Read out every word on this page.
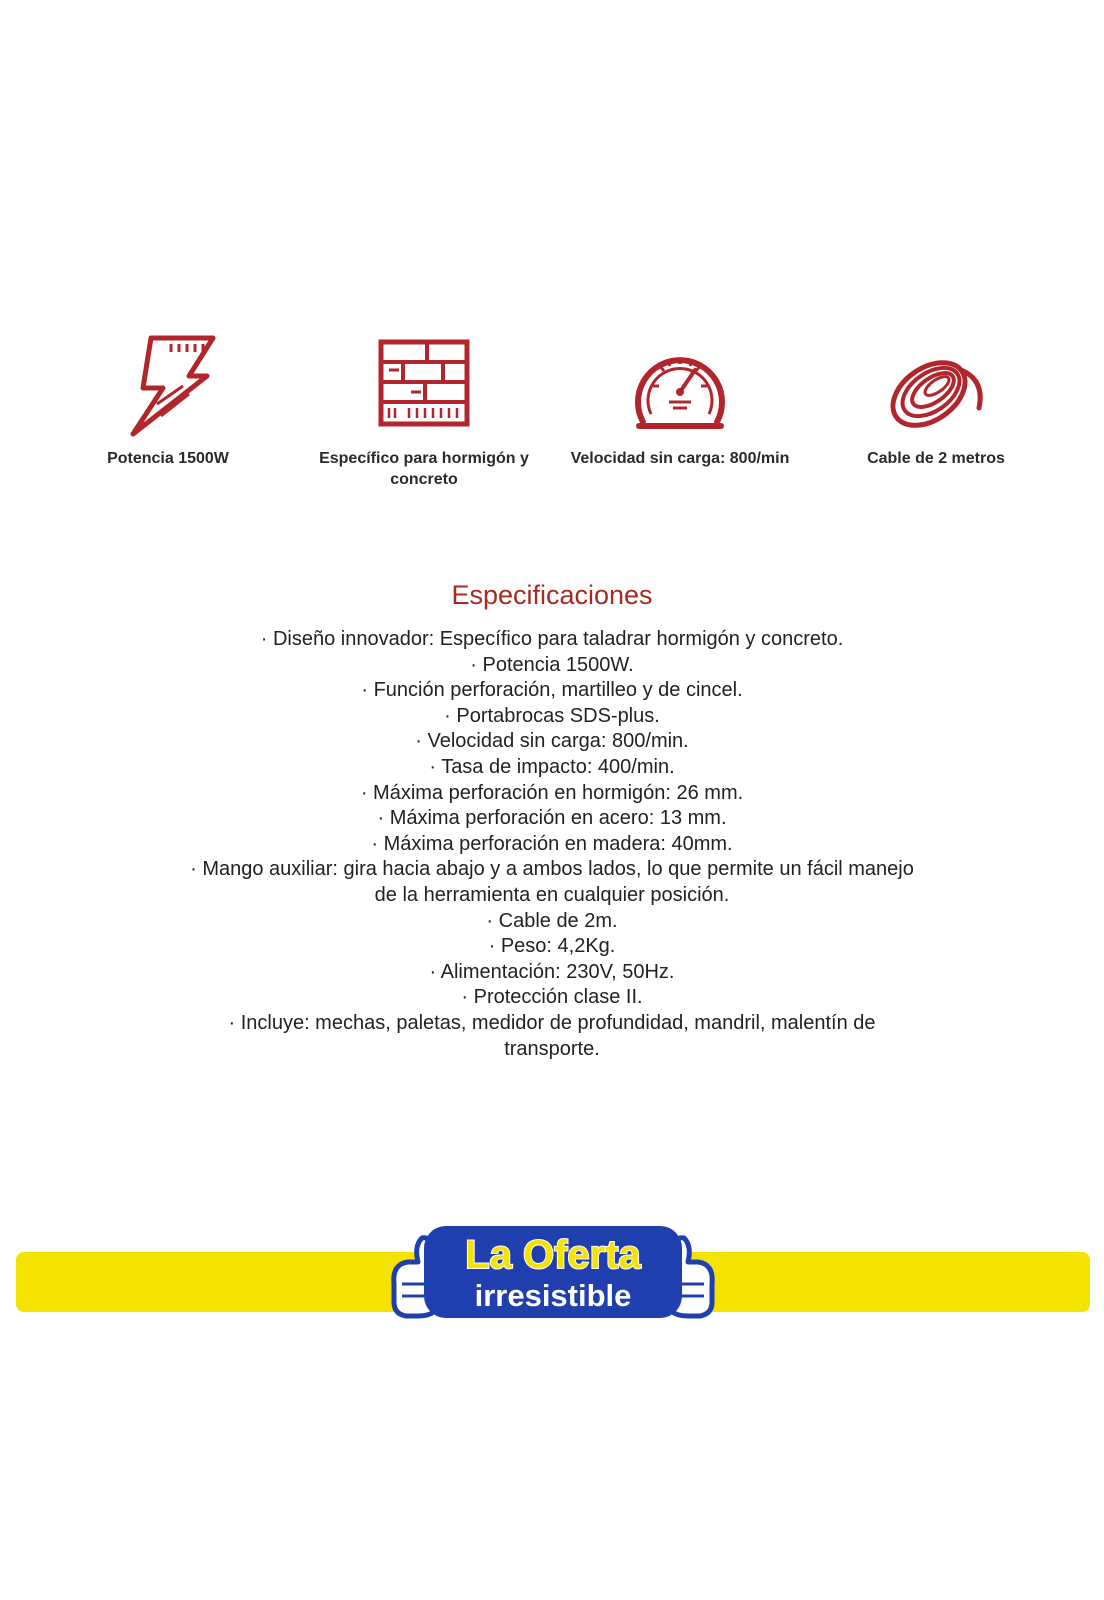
Potencia 1500W	Específico para hormigón y concreto
Velocidad sin carga: 800/min	Cable de 2 metros
Especificaciones
· Diseño innovador: Específico para taladrar hormigón y concreto.
· Potencia 1500W.
· Función perforación, martilleo y de cincel.
· Portabrocas SDS-plus.
· Velocidad sin carga: 800/min.
· Tasa de impacto: 400/min.
· Máxima perforación en hormigón: 26 mm.
· Máxima perforación en acero: 13 mm.
· Máxima perforación en madera: 40mm.
· Mango auxiliar: gira hacia abajo y a ambos lados, lo que permite un fácil manejo de la herramienta en cualquier posición.
· Cable de 2m.
· Peso: 4,2Kg.
· Alimentación: 230V, 50Hz.
· Protección clase II.
· Incluye: mechas, paletas, medidor de profundidad, mandril, malentín de transporte.
La Oferta
irresistible
